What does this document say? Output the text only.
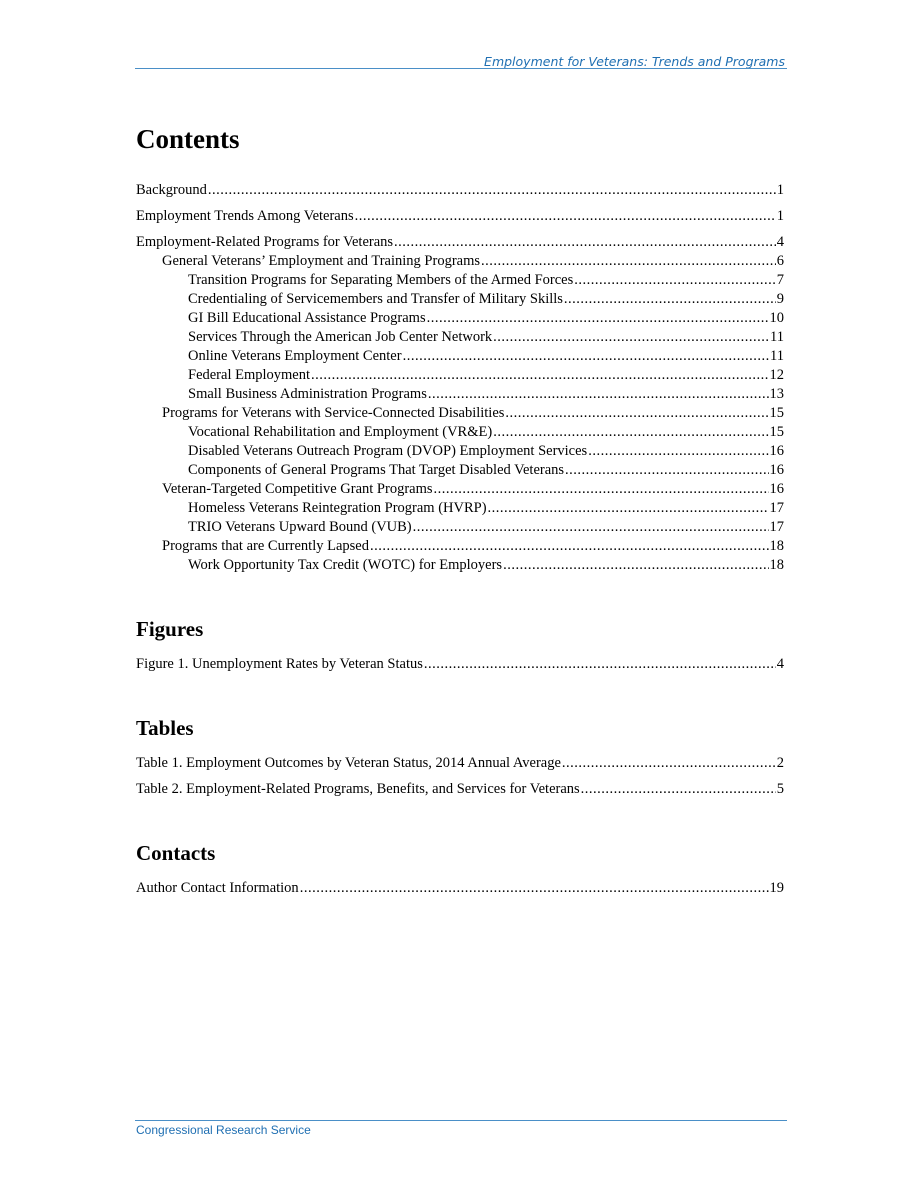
Employment for Veterans: Trends and Programs
Contents
Background .....	1
Employment Trends Among Veterans .....	1
Employment-Related Programs for Veterans .....	4
General Veterans’ Employment and Training Programs .....	6
Transition Programs for Separating Members of the Armed Forces .....	7
Credentialing of Servicemembers and Transfer of Military Skills .....	9
GI Bill Educational Assistance Programs .....	10
Services Through the American Job Center Network .....	11
Online Veterans Employment Center .....	11
Federal Employment .....	12
Small Business Administration Programs .....	13
Programs for Veterans with Service-Connected Disabilities .....	15
Vocational Rehabilitation and Employment (VR&E) .....	15
Disabled Veterans Outreach Program (DVOP) Employment Services .....	16
Components of General Programs That Target Disabled Veterans .....	16
Veteran-Targeted Competitive Grant Programs .....	16
Homeless Veterans Reintegration Program (HVRP) .....	17
TRIO Veterans Upward Bound (VUB) .....	17
Programs that are Currently Lapsed .....	18
Work Opportunity Tax Credit (WOTC) for Employers .....	18
Figures
Figure 1. Unemployment Rates by Veteran Status .....	4
Tables
Table 1. Employment Outcomes by Veteran Status, 2014 Annual Average .....	2
Table 2. Employment-Related Programs, Benefits, and Services for Veterans .....	5
Contacts
Author Contact Information .....	19
Congressional Research Service
